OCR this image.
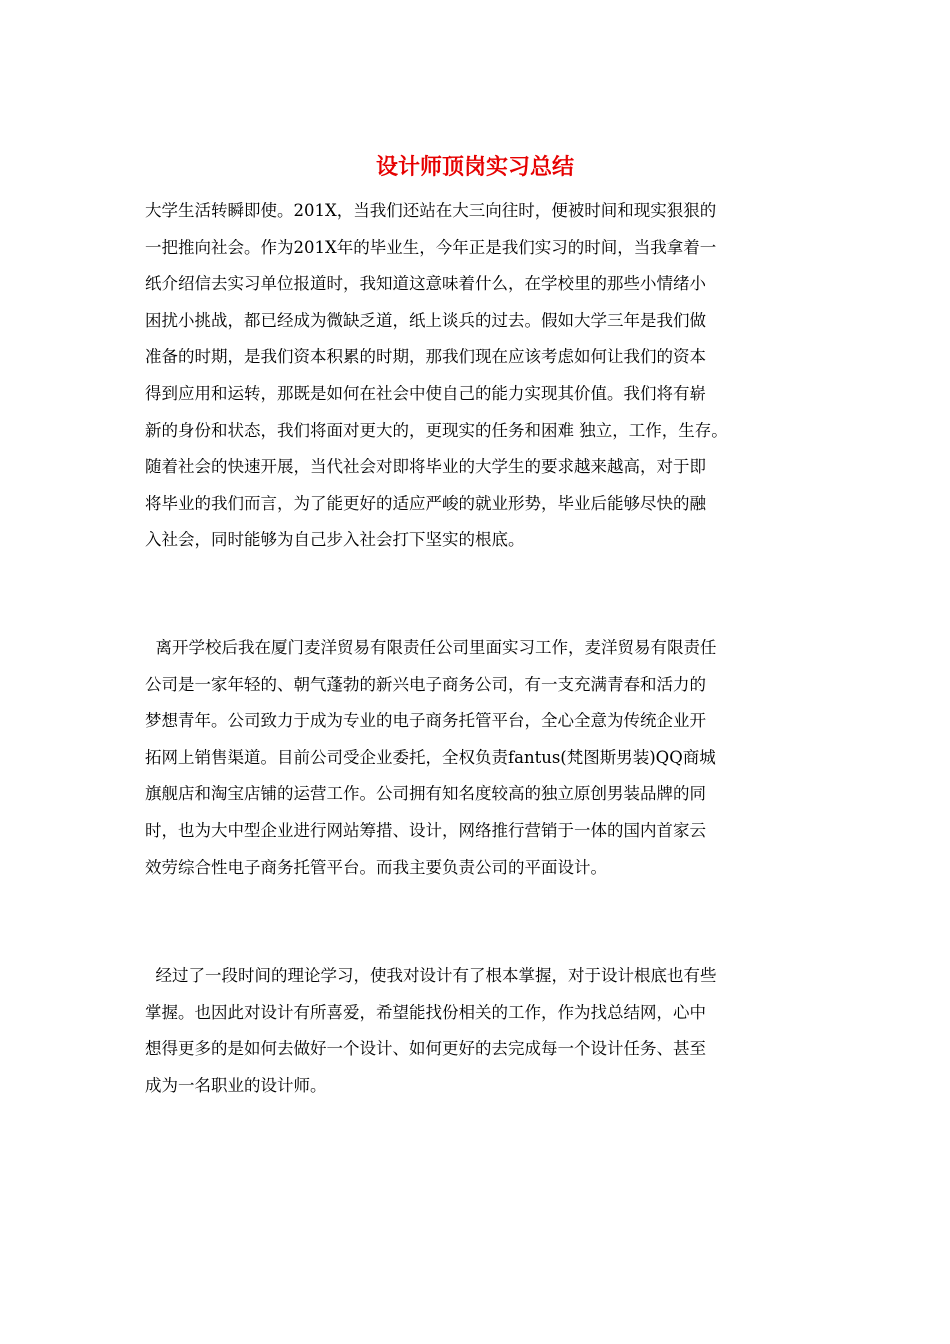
设计师顶岗实习总结

大学生活转瞬即使。201X，当我们还站在大三向往时，便被时间和现实狠狠的
一把推向社会。作为201X年的毕业生，今年正是我们实习的时间，当我拿着一
纸介绍信去实习单位报道时，我知道这意味着什么，在学校里的那些小情绪小
困扰小挑战，都已经成为微缺乏道，纸上谈兵的过去。假如大学三年是我们做
准备的时期，是我们资本积累的时期，那我们现在应该考虑如何让我们的资本
得到应用和运转，那既是如何在社会中使自己的能力实现其价值。我们将有崭
新的身份和状态，我们将面对更大的，更现实的任务和困难 独立，工作，生存。
随着社会的快速开展，当代社会对即将毕业的大学生的要求越来越高，对于即
将毕业的我们而言，为了能更好的适应严峻的就业形势，毕业后能够尽快的融
入社会，同时能够为自己步入社会打下坚实的根底。

离开学校后我在厦门麦洋贸易有限责任公司里面实习工作，麦洋贸易有限责任
公司是一家年轻的、朝气蓬勃的新兴电子商务公司，有一支充满青春和活力的
梦想青年。公司致力于成为专业的电子商务托管平台，全心全意为传统企业开
拓网上销售渠道。目前公司受企业委托，全权负责fantus(梵图斯男装)QQ商城
旗舰店和淘宝店铺的运营工作。公司拥有知名度较高的独立原创男装品牌的同
时，也为大中型企业进行网站筹措、设计，网络推行营销于一体的国内首家云
效劳综合性电子商务托管平台。而我主要负责公司的平面设计。

经过了一段时间的理论学习，使我对设计有了根本掌握，对于设计根底也有些
掌握。也因此对设计有所喜爱，希望能找份相关的工作，作为找总结网，心中
想得更多的是如何去做好一个设计、如何更好的去完成每一个设计任务、甚至
成为一名职业的设计师。
